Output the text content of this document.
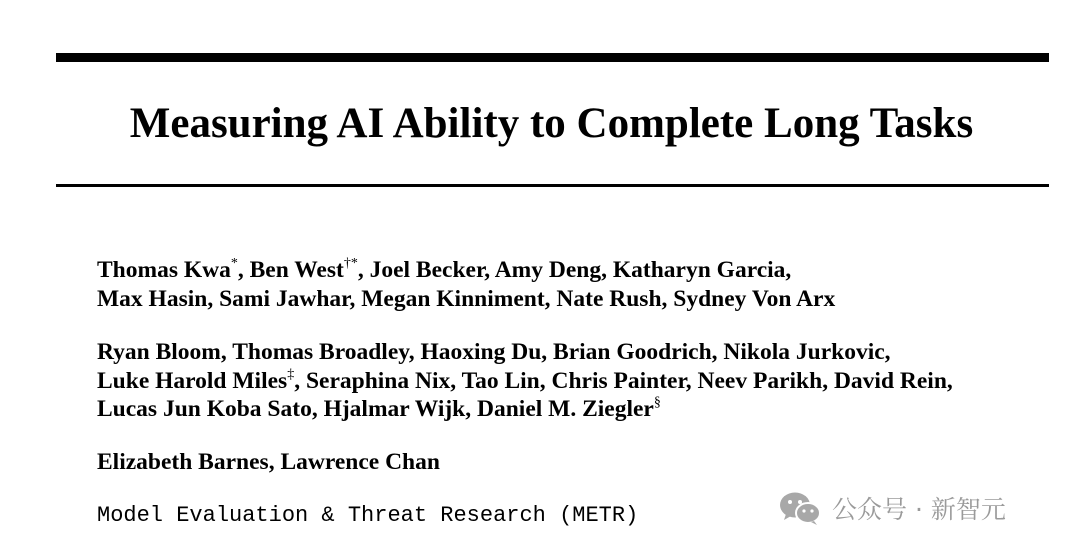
Measuring AI Ability to Complete Long Tasks
Thomas Kwa*, Ben West†*, Joel Becker, Amy Deng, Katharyn Garcia,
Max Hasin, Sami Jawhar, Megan Kinniment, Nate Rush, Sydney Von Arx
Ryan Bloom, Thomas Broadley, Haoxing Du, Brian Goodrich, Nikola Jurkovic,
Luke Harold Miles‡, Seraphina Nix, Tao Lin, Chris Painter, Neev Parikh, David Rein,
Lucas Jun Koba Sato, Hjalmar Wijk, Daniel M. Ziegler§
Elizabeth Barnes, Lawrence Chan
Model Evaluation & Threat Research (METR)	公众号 · 新智元
